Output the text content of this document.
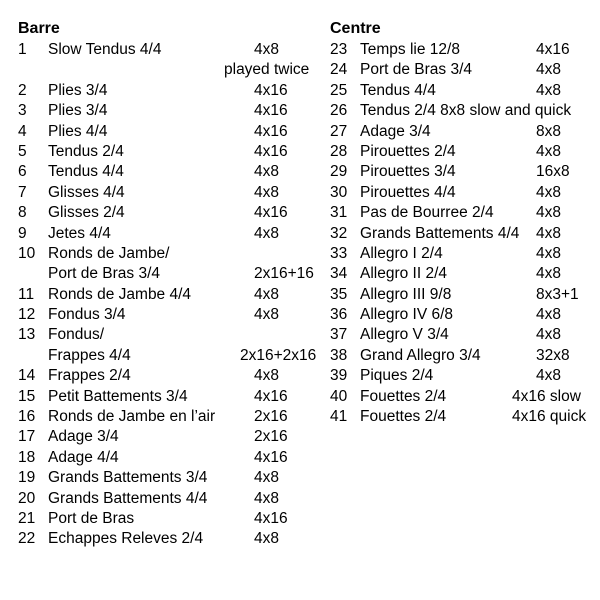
Barre
1 Slow Tendus 4/4	4x8
played twice
2 Plies 3/4	4x16
3 Plies 3/4	4x16
4 Plies 4/4	4x16
5 Tendus 2/4	4x16
6 Tendus 4/4	4x8
7 Glisses 4/4	4x8
8 Glisses 2/4	4x16
9 Jetes 4/4	4x8
10 Ronds de Jambe/
Port de Bras 3/4	2x16+16
11 Ronds de Jambe 4/4	4x8
12 Fondus 3/4	4x8
13 Fondus/
Frappes 4/4	2x16+2x16
14 Frappes 2/4	4x8
15 Petit Battements 3/4	4x16
16 Ronds de Jambe en l’air	2x16
17 Adage 3/4	2x16
18 Adage 4/4	4x16
19 Grands Battements 3/4	4x8
20 Grands Battements 4/4	4x8
21 Port de Bras	4x16
22 Echappes Releves 2/4	4x8
Centre
23 Temps lie 12/8	4x16
24 Port de Bras 3/4	4x8
25 Tendus 4/4	4x8
26 Tendus 2/4 8x8 slow and quick
27 Adage 3/4	8x8
28 Pirouettes 2/4	4x8
29 Pirouettes 3/4	16x8
30 Pirouettes 4/4	4x8
31 Pas de Bourree 2/4	4x8
32 Grands Battements 4/4 4x8
33 Allegro I 2/4	4x8
34 Allegro II 2/4	4x8
35 Allegro III 9/8	8x3+1
36 Allegro IV 6/8	4x8
37 Allegro V 3/4	4x8
38 Grand Allegro 3/4	32x8
39 Piques 2/4	4x8
40 Fouettes 2/4	4x16 slow
41 Fouettes 2/4	4x16 quick
